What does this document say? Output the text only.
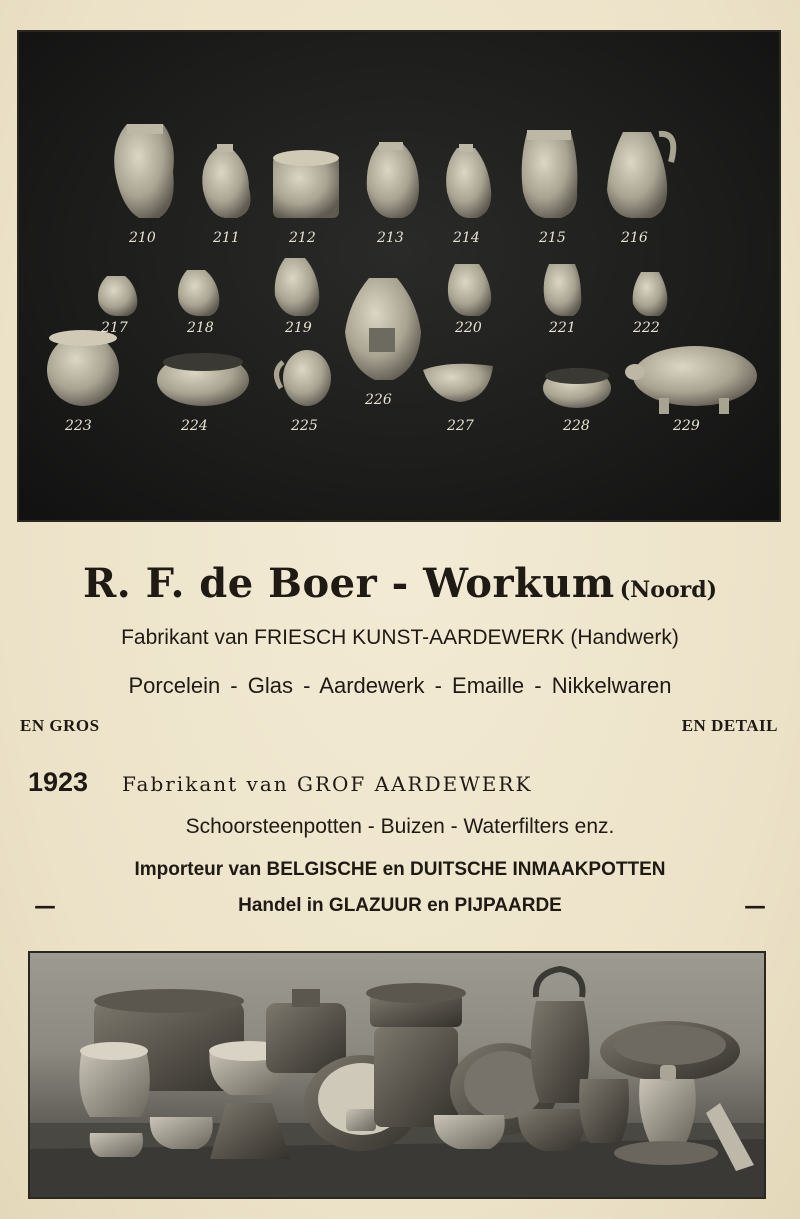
210	211	212	213	214	215	216
217	218	219	220	221	222
223	224	225
226
227	228	229
R. F. de Boer - Workum (Noord)
Fabrikant van FRIESCH KUNST-AARDEWERK (Handwerk)
Porcelein - Glas - Aardewerk - Emaille - Nikkelwaren
EN GROS	EN DETAIL
1923 Fabrikant van GROF AARDEWERK
Schoorsteenpotten - Buizen - Waterfilters enz.
Importeur van BELGISCHE en DUITSCHE INMAAKPOTTEN
—	Handel in GLAZUUR en PIJPAARDE	—
